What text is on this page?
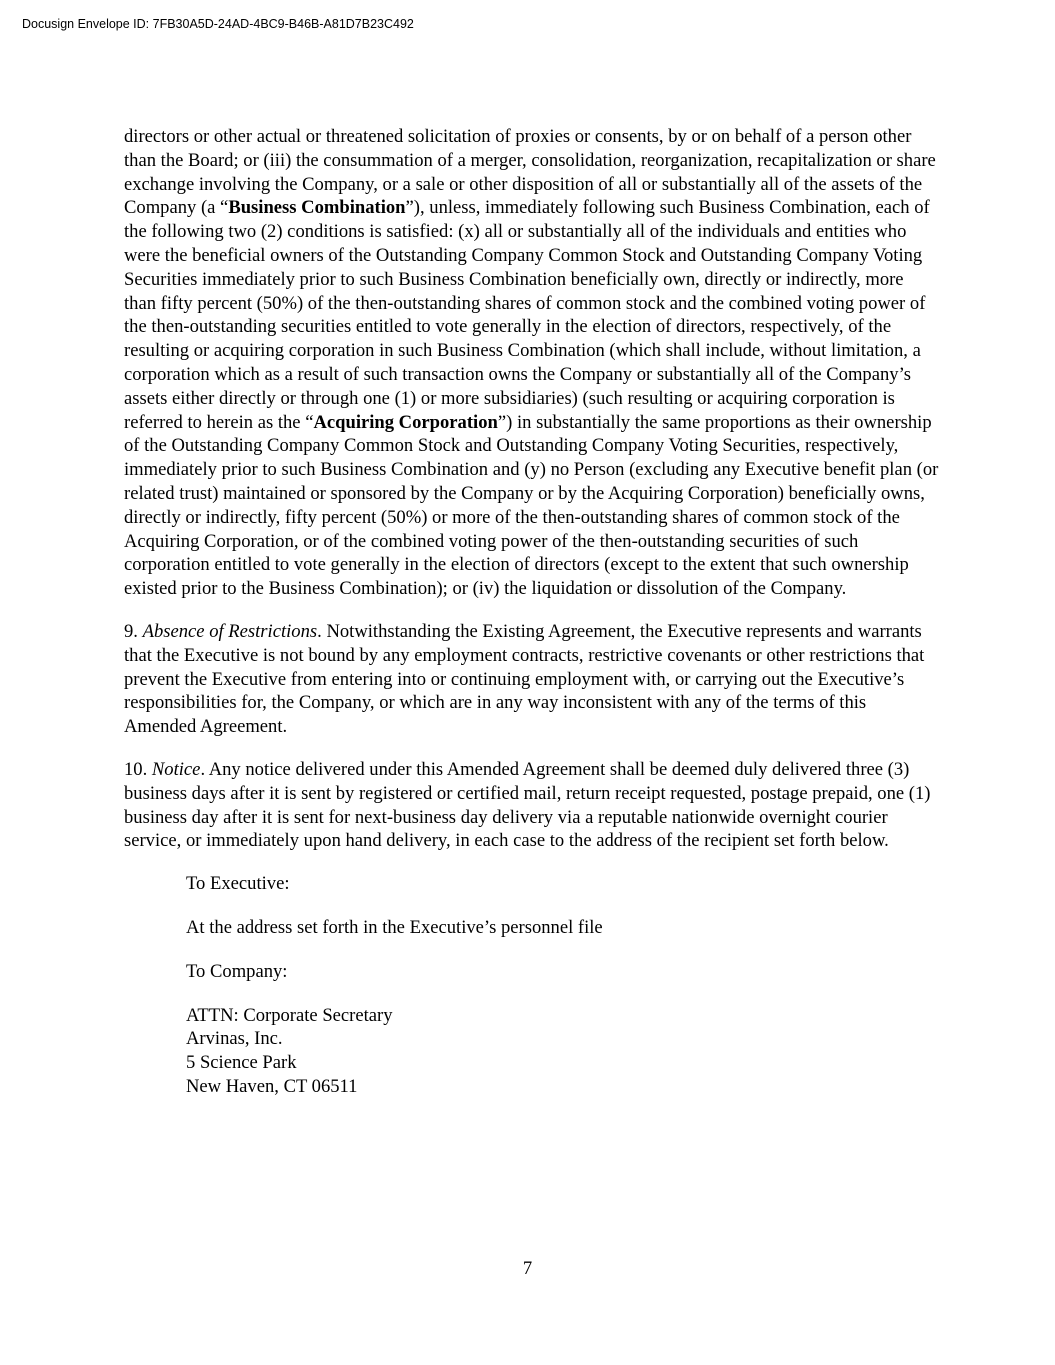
Docusign Envelope ID: 7FB30A5D-24AD-4BC9-B46B-A81D7B23C492

directors or other actual or threatened solicitation of proxies or consents, by or on behalf of a person other than the Board; or (iii) the consummation of a merger, consolidation, reorganization, recapitalization or share exchange involving the Company, or a sale or other disposition of all or substantially all of the assets of the Company (a “Business Combination”), unless, immediately following such Business Combination, each of the following two (2) conditions is satisfied: (x) all or substantially all of the individuals and entities who were the beneficial owners of the Outstanding Company Common Stock and Outstanding Company Voting Securities immediately prior to such Business Combination beneficially own, directly or indirectly, more than fifty percent (50%) of the then-outstanding shares of common stock and the combined voting power of the then-outstanding securities entitled to vote generally in the election of directors, respectively, of the resulting or acquiring corporation in such Business Combination (which shall include, without limitation, a corporation which as a result of such transaction owns the Company or substantially all of the Company’s assets either directly or through one (1) or more subsidiaries) (such resulting or acquiring corporation is referred to herein as the “Acquiring Corporation”) in substantially the same proportions as their ownership of the Outstanding Company Common Stock and Outstanding Company Voting Securities, respectively, immediately prior to such Business Combination and (y) no Person (excluding any Executive benefit plan (or related trust) maintained or sponsored by the Company or by the Acquiring Corporation) beneficially owns, directly or indirectly, fifty percent (50%) or more of the then-outstanding shares of common stock of the Acquiring Corporation, or of the combined voting power of the then-outstanding securities of such corporation entitled to vote generally in the election of directors (except to the extent that such ownership existed prior to the Business Combination); or (iv) the liquidation or dissolution of the Company.

9. Absence of Restrictions. Notwithstanding the Existing Agreement, the Executive represents and warrants that the Executive is not bound by any employment contracts, restrictive covenants or other restrictions that prevent the Executive from entering into or continuing employment with, or carrying out the Executive’s responsibilities for, the Company, or which are in any way inconsistent with any of the terms of this Amended Agreement.

10. Notice. Any notice delivered under this Amended Agreement shall be deemed duly delivered three (3) business days after it is sent by registered or certified mail, return receipt requested, postage prepaid, one (1) business day after it is sent for next-business day delivery via a reputable nationwide overnight courier service, or immediately upon hand delivery, in each case to the address of the recipient set forth below.

To Executive:
At the address set forth in the Executive’s personnel file
To Company:
ATTN: Corporate Secretary
Arvinas, Inc.
5 Science Park
New Haven, CT 06511
7
